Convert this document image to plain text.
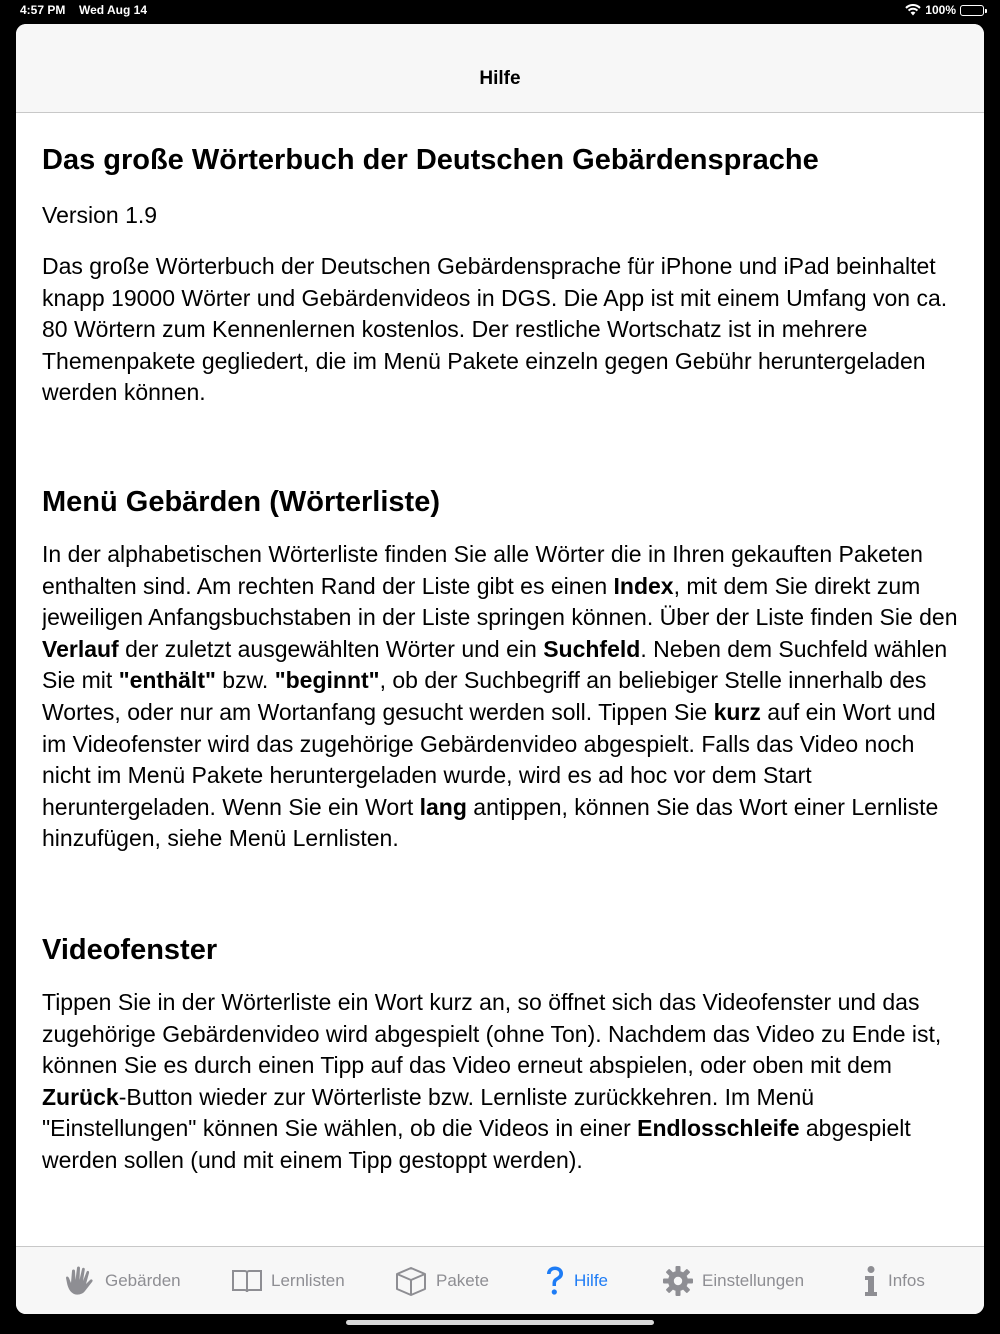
4:57 PM Wed Aug 14	100%
Hilfe
Das große Wörterbuch der Deutschen Gebärdensprache
Version 1.9

Das große Wörterbuch der Deutschen Gebärdensprache für iPhone und iPad beinhaltet knapp 19000 Wörter und Gebärdenvideos in DGS. Die App ist mit einem Umfang von ca. 80 Wörtern zum Kennenlernen kostenlos. Der restliche Wortschatz ist in mehrere Themenpakete gegliedert, die im Menü Pakete einzeln gegen Gebühr heruntergeladen werden können.

Menü Gebärden (Wörterliste)

In der alphabetischen Wörterliste finden Sie alle Wörter die in Ihren gekauften Paketen enthalten sind. Am rechten Rand der Liste gibt es einen Index, mit dem Sie direkt zum jeweiligen Anfangsbuchstaben in der Liste springen können. Über der Liste finden Sie den Verlauf der zuletzt ausgewählten Wörter und ein Suchfeld. Neben dem Suchfeld wählen Sie mit "enthält" bzw. "beginnt", ob der Suchbegriff an beliebiger Stelle innerhalb des Wortes, oder nur am Wortanfang gesucht werden soll. Tippen Sie kurz auf ein Wort und im Videofenster wird das zugehörige Gebärdenvideo abgespielt. Falls das Video noch nicht im Menü Pakete heruntergeladen wurde, wird es ad hoc vor dem Start heruntergeladen. Wenn Sie ein Wort lang antippen, können Sie das Wort einer Lernliste hinzufügen, siehe Menü Lernlisten.

Videofenster

Tippen Sie in der Wörterliste ein Wort kurz an, so öffnet sich das Videofenster und das zugehörige Gebärdenvideo wird abgespielt (ohne Ton). Nachdem das Video zu Ende ist, können Sie es durch einen Tipp auf das Video erneut abspielen, oder oben mit dem Zurück-Button wieder zur Wörterliste bzw. Lernliste zurückkehren. Im Menü "Einstellungen" können Sie wählen, ob die Videos in einer Endlosschleife abgespielt werden sollen (und mit einem Tipp gestoppt werden).

Gebärden	Lernlisten	Pakete	Hilfe	Einstellungen	Infos
